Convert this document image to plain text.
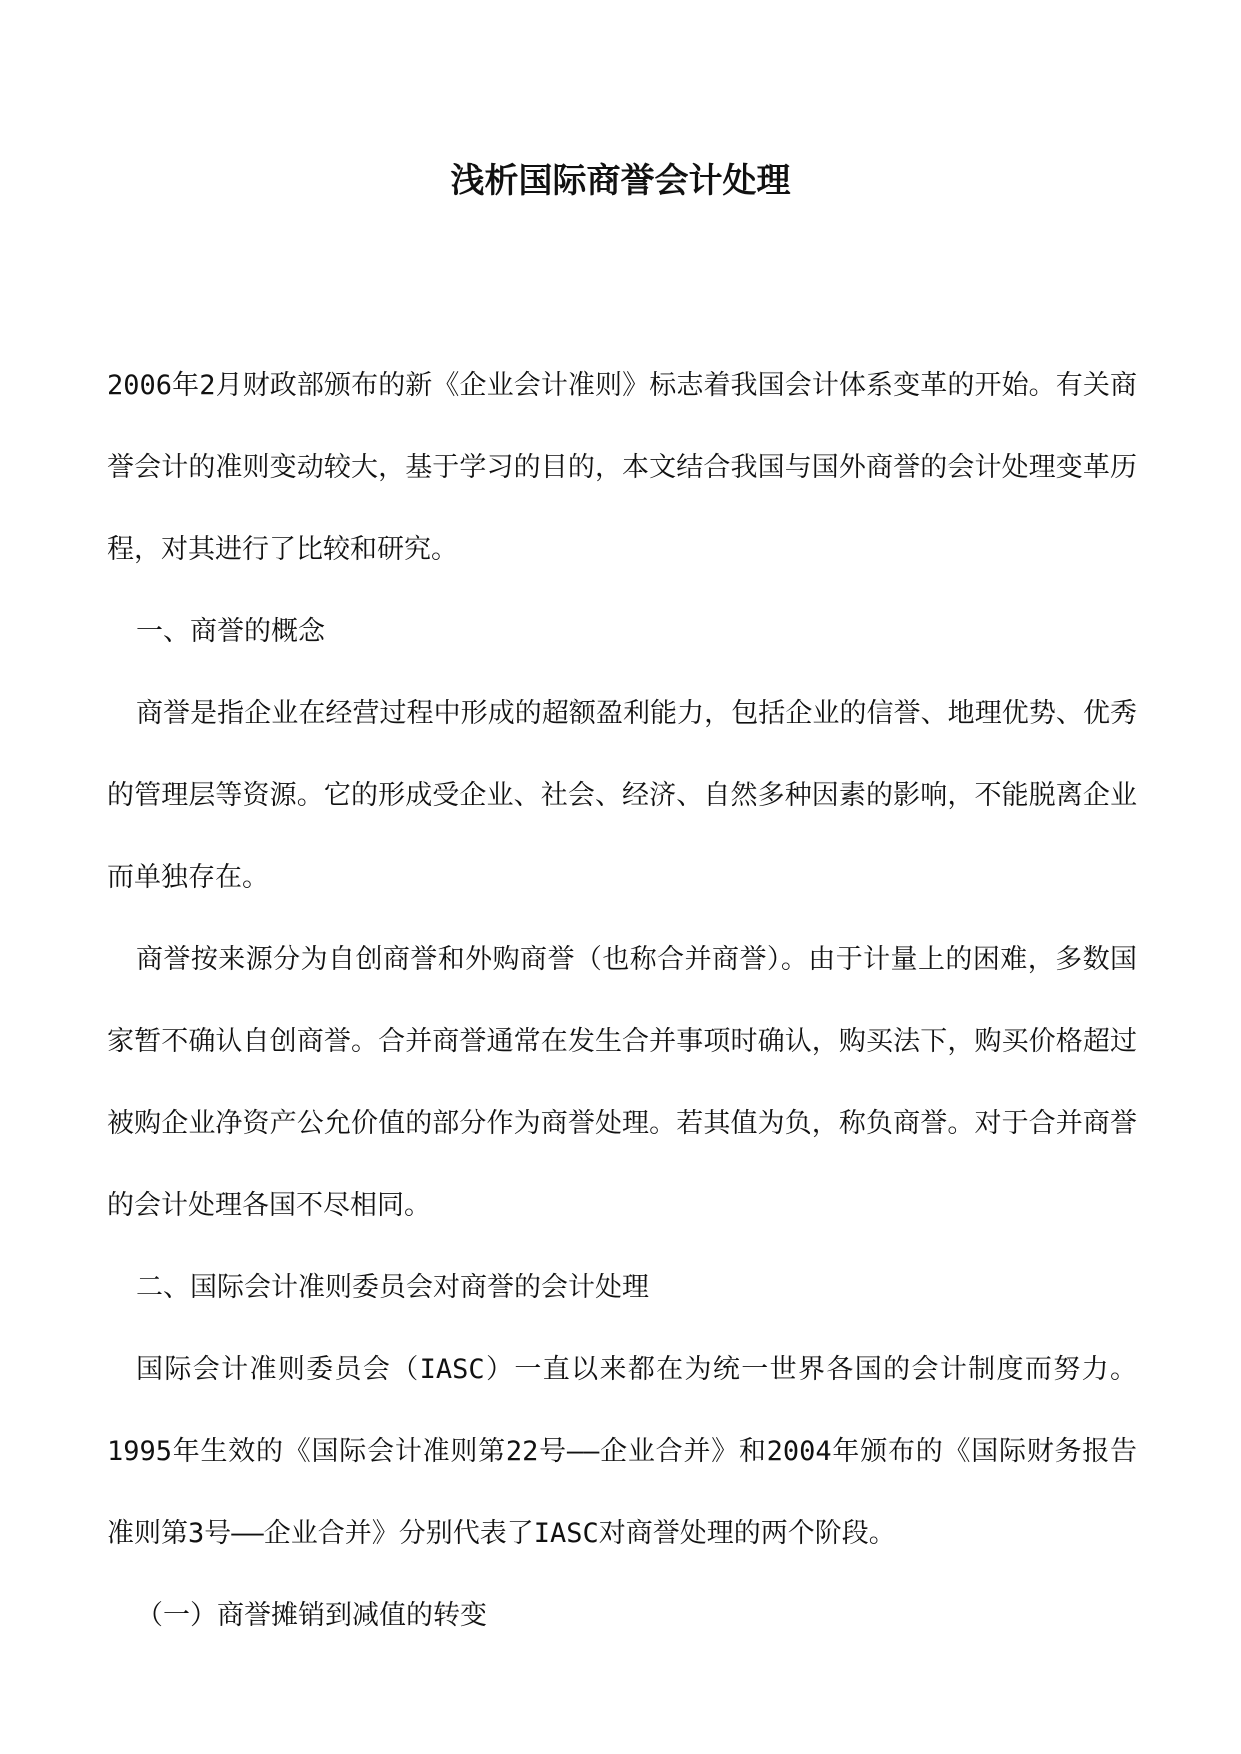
浅析国际商誉会计处理

2006年2月财政部颁布的新《企业会计准则》标志着我国会计体系变革的开始。有关商誉会计的准则变动较大，基于学习的目的，本文结合我国与国外商誉的会计处理变革历程，对其进行了比较和研究。

一、商誉的概念

商誉是指企业在经营过程中形成的超额盈利能力，包括企业的信誉、地理优势、优秀的管理层等资源。它的形成受企业、社会、经济、自然多种因素的影响，不能脱离企业而单独存在。

商誉按来源分为自创商誉和外购商誉（也称合并商誉）。由于计量上的困难，多数国家暂不确认自创商誉。合并商誉通常在发生合并事项时确认，购买法下，购买价格超过被购企业净资产公允价值的部分作为商誉处理。若其值为负，称负商誉。对于合并商誉的会计处理各国不尽相同。

二、国际会计准则委员会对商誉的会计处理

国际会计准则委员会（IASC）一直以来都在为统一世界各国的会计制度而努力。1995年生效的《国际会计准则第22号——企业合并》和2004年颁布的《国际财务报告准则第3号——企业合并》分别代表了IASC对商誉处理的两个阶段。

（一）商誉摊销到减值的转变
